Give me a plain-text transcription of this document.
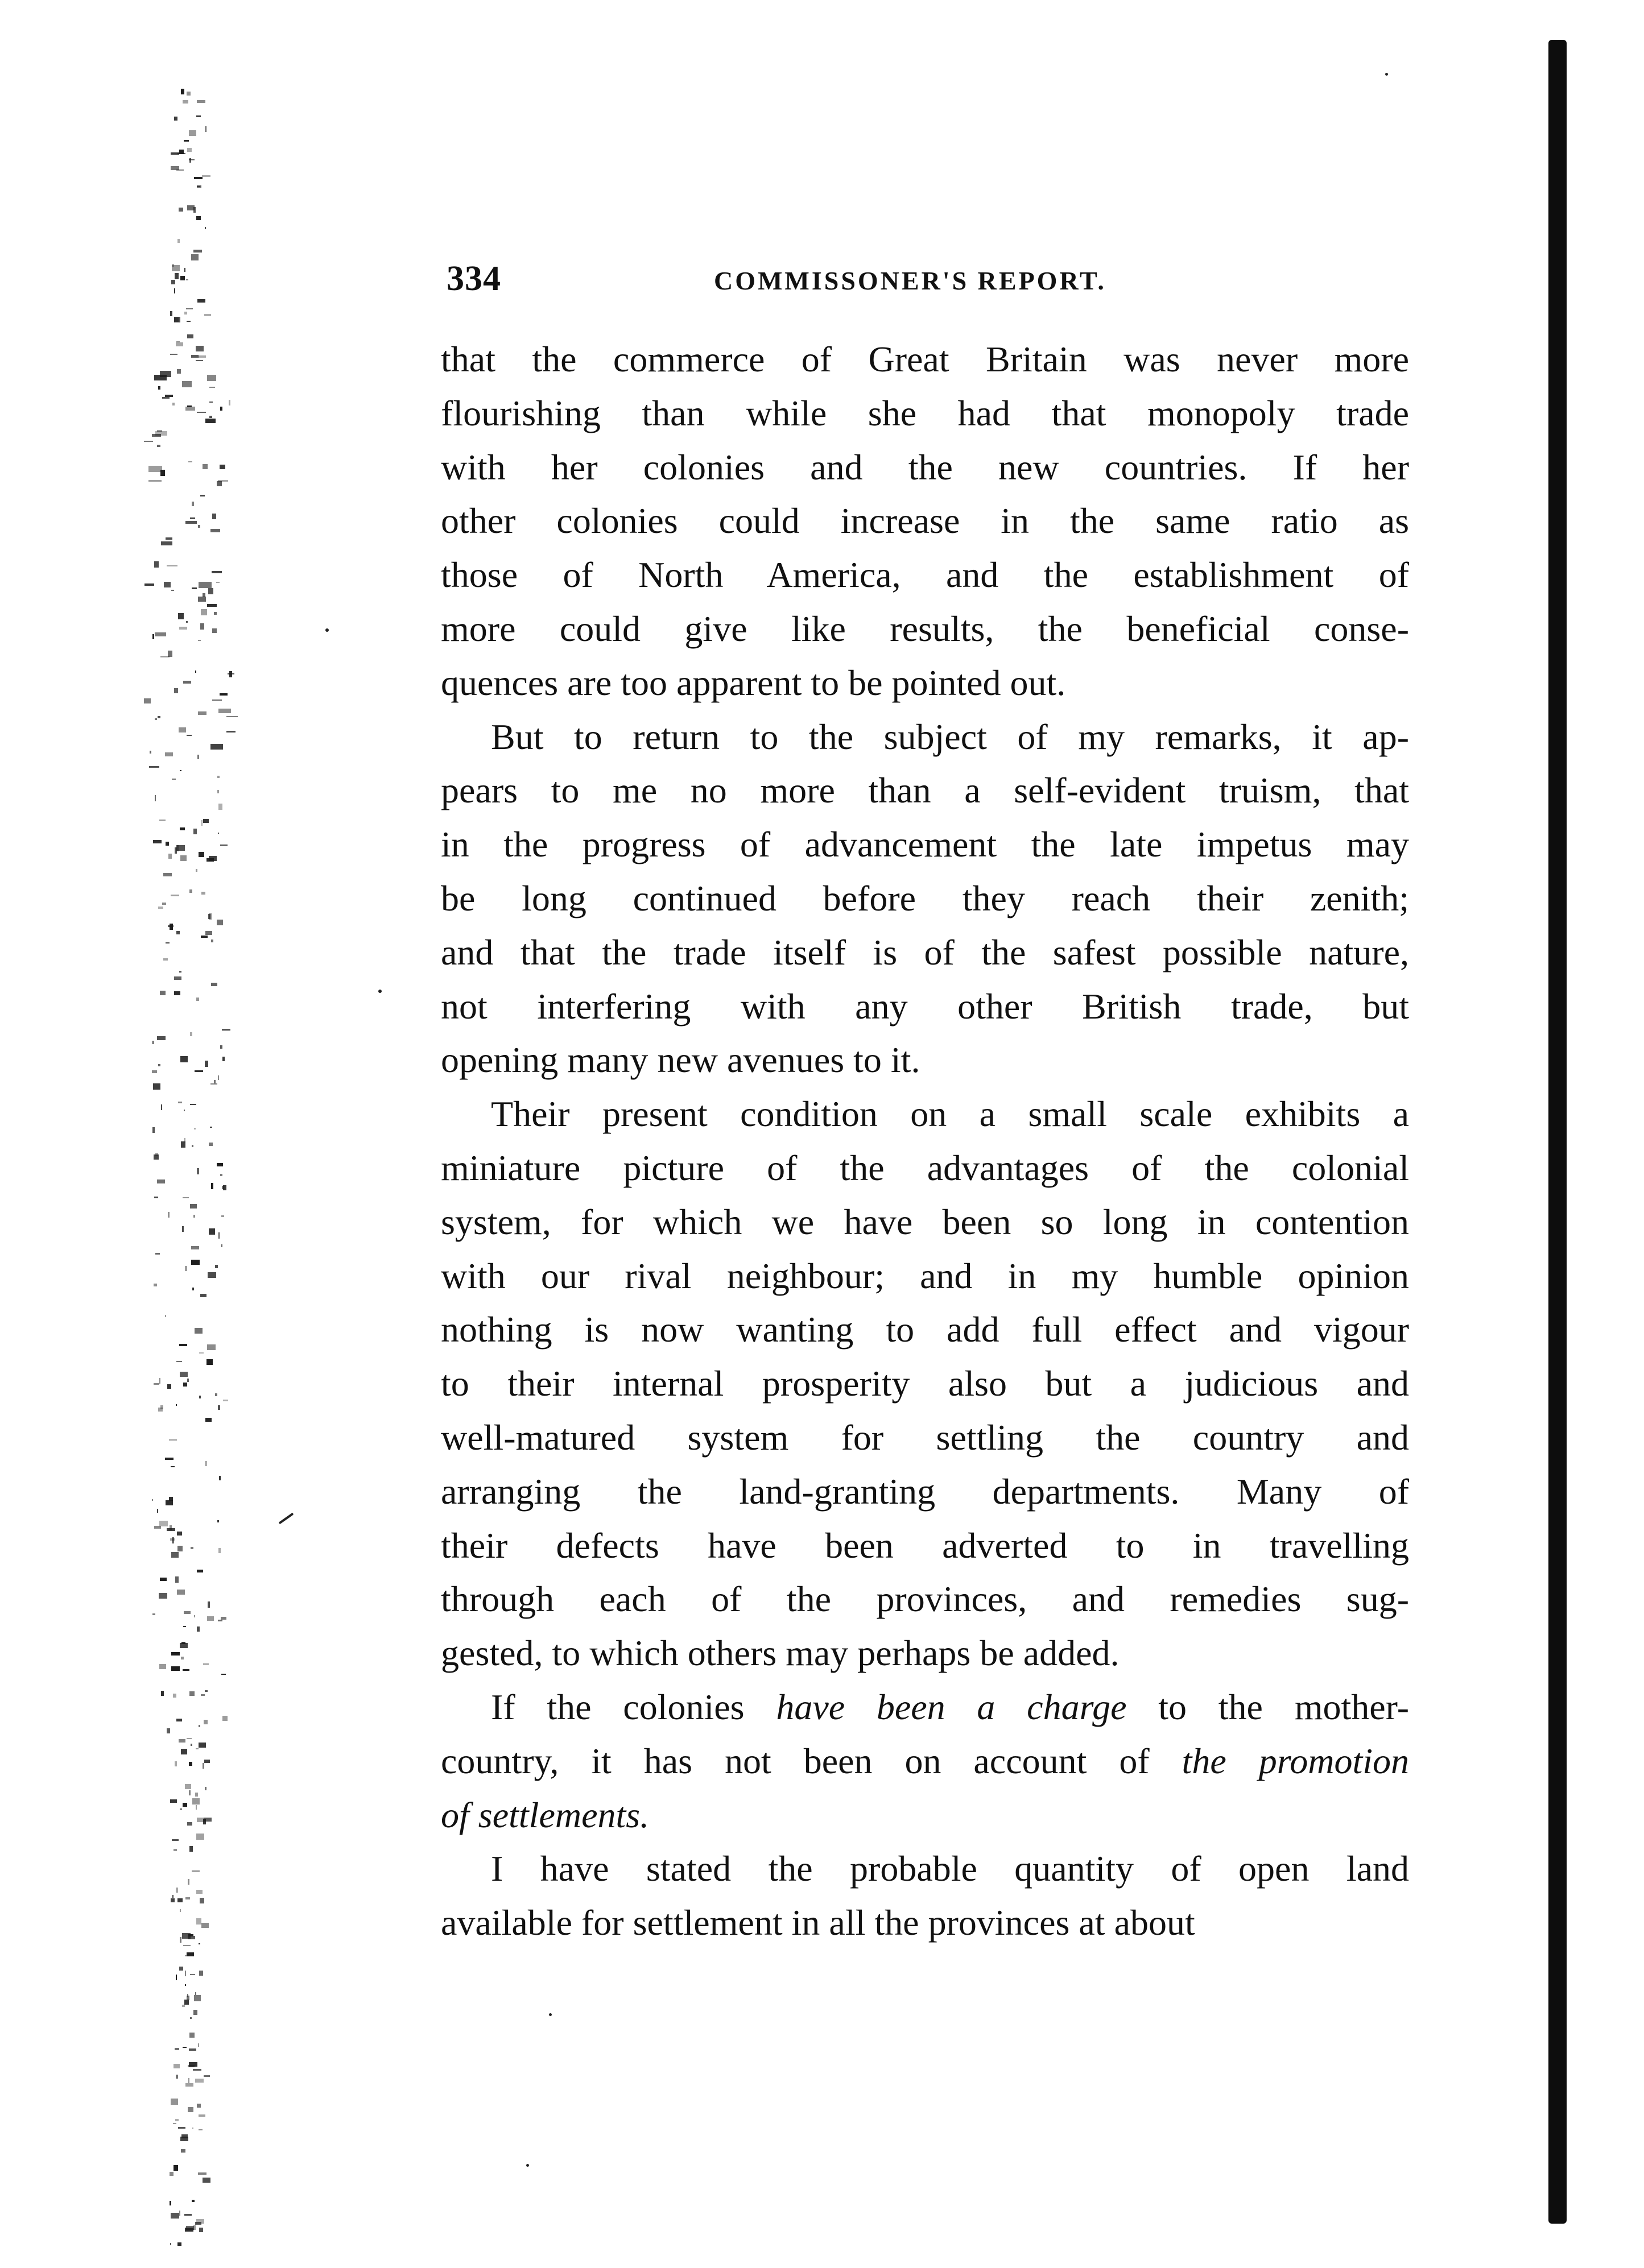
334	COMMISSONER'S REPORT.
that the commerce of Great Britain was never more
flourishing than while she had that monopoly trade
with her colonies and the new countries. If her
other colonies could increase in the same ratio as
those of North America, and the establishment of
more could give like results, the beneficial conse-
quences are too apparent to be pointed out.
But to return to the subject of my remarks, it ap-
pears to me no more than a self-evident truism, that
in the progress of advancement the late impetus may
be long continued before they reach their zenith;
and that the trade itself is of the safest possible nature,
not interfering with any other British trade, but
opening many new avenues to it.
Their present condition on a small scale exhibits a
miniature picture of the advantages of the colonial
system, for which we have been so long in contention
with our rival neighbour; and in my humble opinion
nothing is now wanting to add full effect and vigour
to their internal prosperity also but a judicious and
well-matured system for settling the country and
arranging the land-granting departments. Many of
their defects have been adverted to in travelling
through each of the provinces, and remedies sug-
gested, to which others may perhaps be added.
If the colonies have been a charge to the mother-
country, it has not been on account of the promotion
of settlements.
I have stated the probable quantity of open land
available for settlement in all the provinces at about
